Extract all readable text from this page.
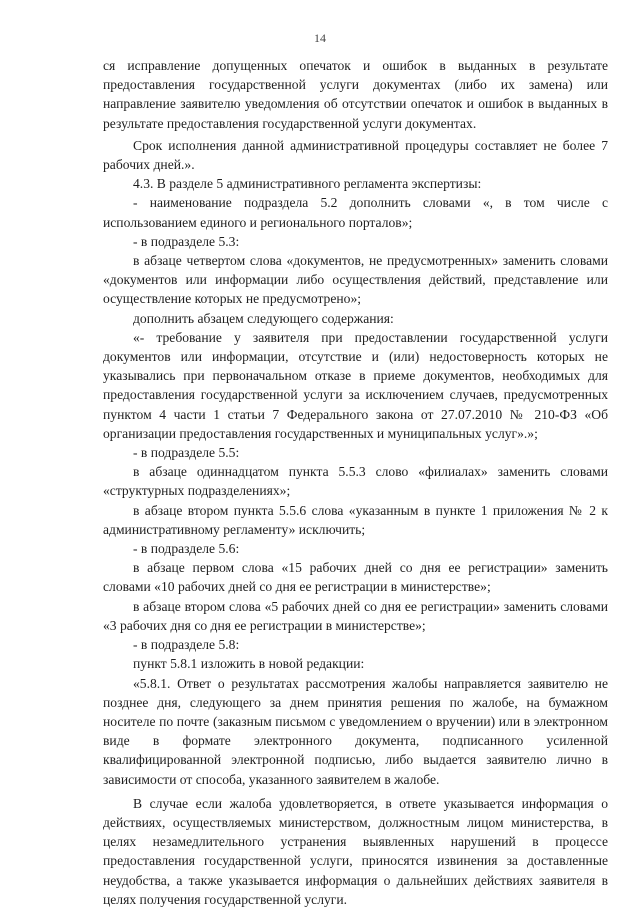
14

ся исправление допущенных опечаток и ошибок в выданных в результате предоставления государственной услуги документах (либо их замена) или направление заявителю уведомления об отсутствии опечаток и ошибок в выданных в результате предоставления государственной услуги документах.

Срок исполнения данной административной процедуры составляет не более 7 рабочих дней.».

4.3. В разделе 5 административного регламента экспертизы:

- наименование подраздела 5.2 дополнить словами «, в том числе с использованием единого и регионального порталов»;

- в подразделе 5.3:

в абзаце четвертом слова «документов, не предусмотренных» заменить словами «документов или информации либо осуществления действий, представление или осуществление которых не предусмотрено»;

дополнить абзацем следующего содержания:

«- требование у заявителя при предоставлении государственной услуги документов или информации, отсутствие и (или) недостоверность которых не указывались при первоначальном отказе в приеме документов, необходимых для предоставления государственной услуги за исключением случаев, предусмотренных пунктом 4 части 1 статьи 7 Федерального закона от 27.07.2010 № 210-ФЗ «Об организации предоставления государственных и муниципальных услуг».»;

- в подразделе 5.5:

в абзаце одиннадцатом пункта 5.5.3 слово «филиалах» заменить словами «структурных подразделениях»;

в абзаце втором пункта 5.5.6 слова «указанным в пункте 1 приложения № 2 к административному регламенту» исключить;

- в подразделе 5.6:

в абзаце первом слова «15 рабочих дней со дня ее регистрации» заменить словами «10 рабочих дней со дня ее регистрации в министерстве»;

в абзаце втором слова «5 рабочих дней со дня ее регистрации» заменить словами «3 рабочих дня со дня ее регистрации в министерстве»;

- в подразделе 5.8:

пункт 5.8.1 изложить в новой редакции:

«5.8.1. Ответ о результатах рассмотрения жалобы направляется заявителю не позднее дня, следующего за днем принятия решения по жалобе, на бумажном носителе по почте (заказным письмом с уведомлением о вручении) или в электронном виде в формате электронного документа, подписанного усиленной квалифицированной электронной подписью, либо выдается заявителю лично в зависимости от способа, указанного заявителем в жалобе.

В случае если жалоба удовлетворяется, в ответе указывается информация о действиях, осуществляемых министерством, должностным лицом министерства, в целях незамедлительного устранения выявленных нарушений в процессе предоставления государственной услуги, приносятся извинения за доставленные неудобства, а также указывается информация о дальнейших действиях заявителя в целях получения государственной услуги.
